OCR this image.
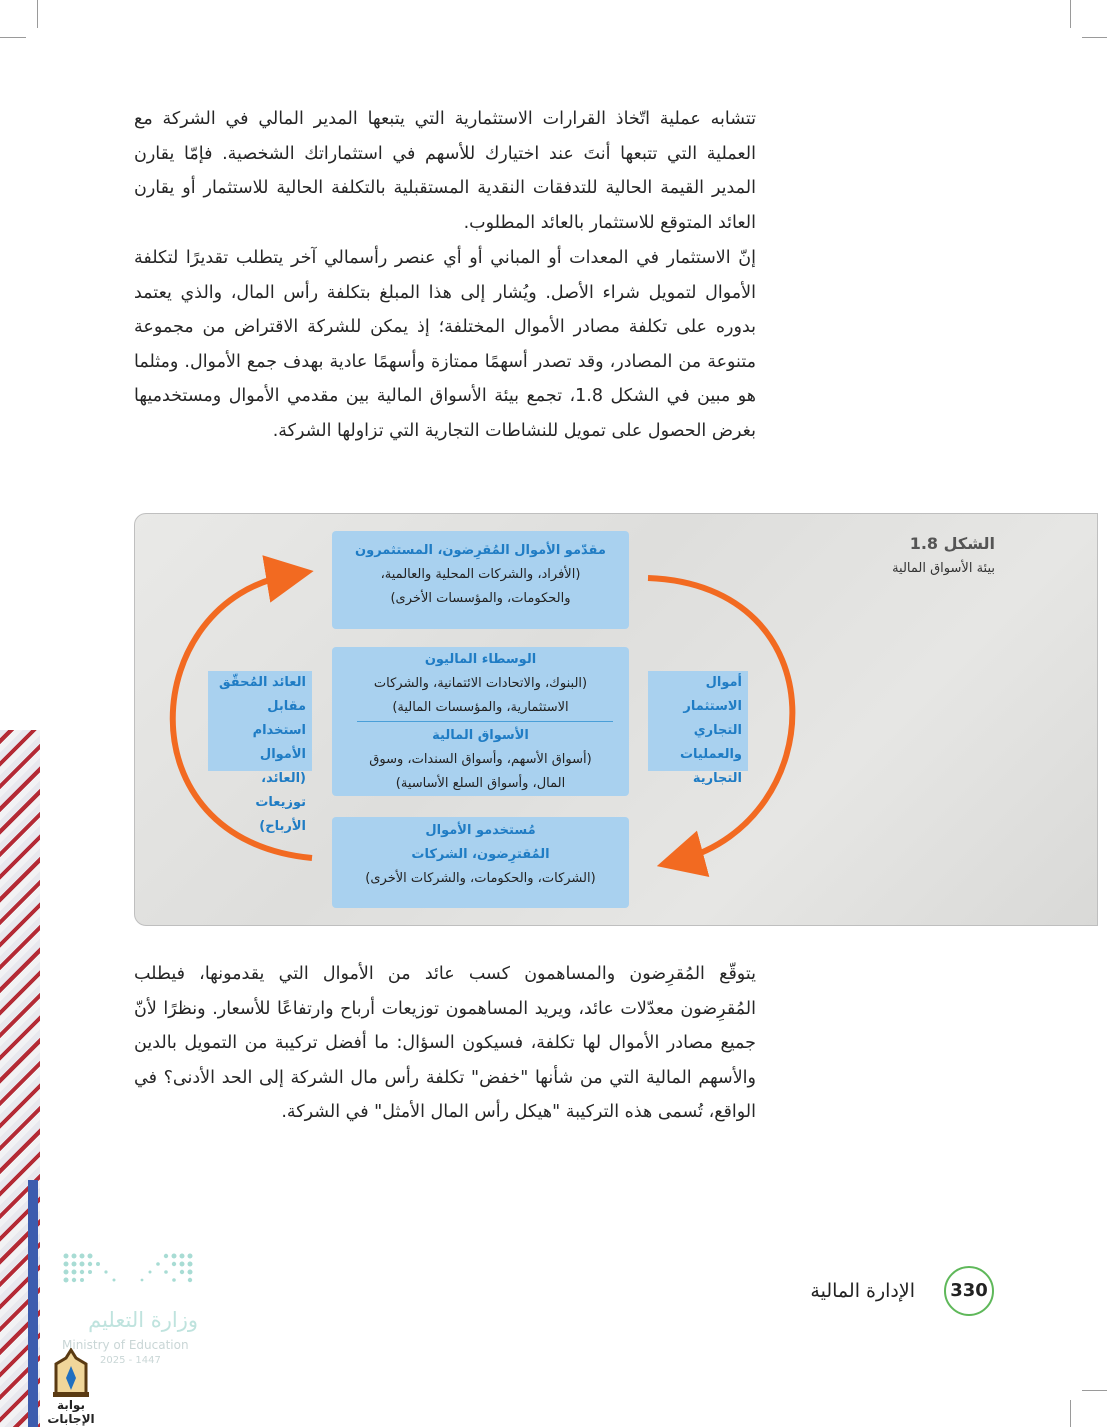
تتشابه عملية اتّخاذ القرارات الاستثمارية التي يتبعها المدير المالي في الشركة مع العملية التي تتبعها أنتَ عند اختيارك للأسهم في استثماراتك الشخصية. فإمّا يقارن المدير القيمة الحالية للتدفقات النقدية المستقبلية بالتكلفة الحالية للاستثمار أو يقارن العائد المتوقع للاستثمار بالعائد المطلوب.

إنّ الاستثمار في المعدات أو المباني أو أي عنصر رأسمالي آخر يتطلب تقديرًا لتكلفة الأموال لتمويل شراء الأصل. ويُشار إلى هذا المبلغ بتكلفة رأس المال، والذي يعتمد بدوره على تكلفة مصادر الأموال المختلفة؛ إذ يمكن للشركة الاقتراض من مجموعة متنوعة من المصادر، وقد تصدر أسهمًا ممتازة وأسهمًا عادية بهدف جمع الأموال. ومثلما هو مبين في الشكل 1.8، تجمع بيئة الأسواق المالية بين مقدمي الأموال ومستخدميها بغرض الحصول على تمويل للنشاطات التجارية التي تزاولها الشركة.

الشكل 1.8

بيئة الأسواق المالية

مقدّمو الأموال المُقرِضون، المستثمرون
(الأفراد، والشركات المحلية والعالمية،
والحكومات، والمؤسسات الأخرى)
الوسطاء الماليون
(البنوك، والاتحادات الائتمانية، والشركات
الاستثمارية، والمؤسسات المالية)
الأسواق المالية
(أسواق الأسهم، وأسواق السندات، وسوق
المال، وأسواق السلع الأساسية)
مُستخدمو الأموال
المُقترِضون، الشركات
(الشركات، والحكومات، والشركات الأخرى)
أموال الاستثمار
التجاري
والعمليات
التجارية
العائد المُحقّق
مقابل استخدام
الأموال (العائد،
توزيعات الأرباح)

يتوقّع المُقرِضون والمساهمون كسب عائد من الأموال التي يقدمونها، فيطلب المُقرِضون معدّلات عائد، ويريد المساهمون توزيعات أرباح وارتفاعًا للأسعار. ونظرًا لأنّ جميع مصادر الأموال لها تكلفة، فسيكون السؤال: ما أفضل تركيبة من التمويل بالدين والأسهم المالية التي من شأنها "خفض" تكلفة رأس مال الشركة إلى الحد الأدنى؟ في الواقع، تُسمى هذه التركيبة "هيكل رأس المال الأمثل" في الشركة.

330
الإدارة المالية
وزارة التعليم
Ministry of Education
2025 - 1447
بوابة الإجابات
